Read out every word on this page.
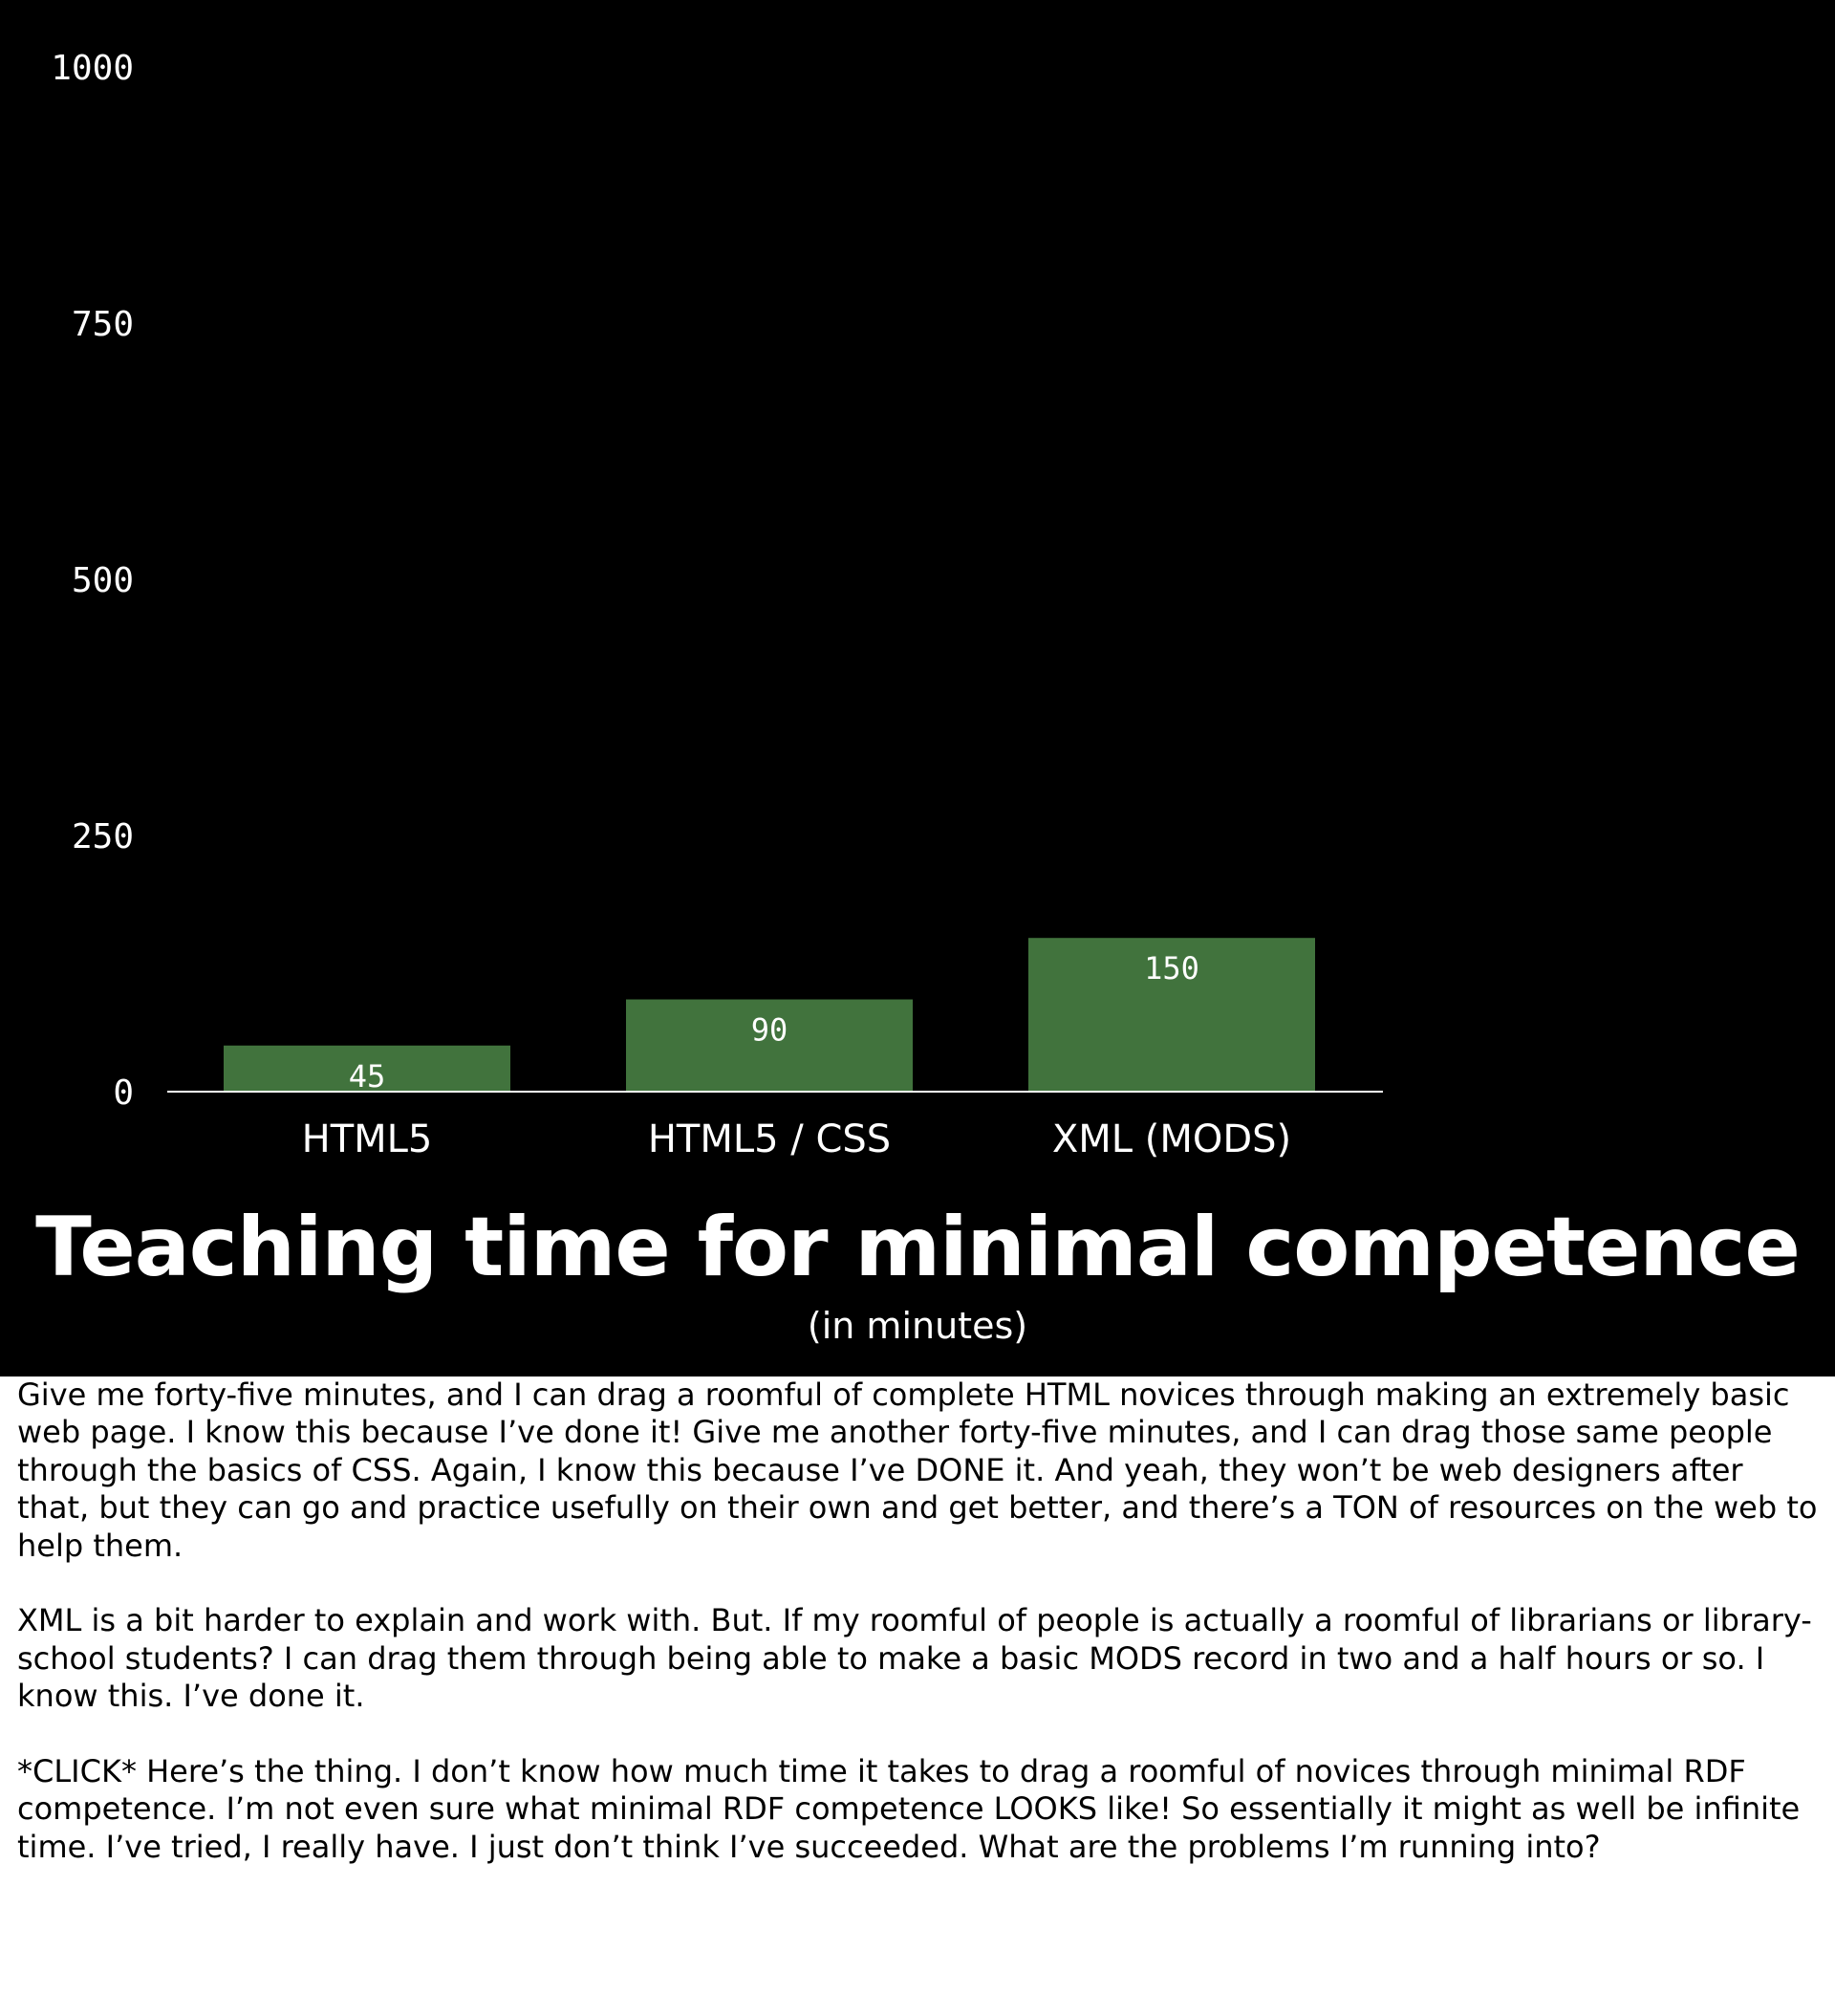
0
250
500
750
1000
45
HTML5
90
HTML5 / CSS
150
XML (MODS)
Teaching time for minimal competence
(in minutes)

Give me forty-five minutes, and I can drag a roomful of complete HTML novices through making an extremely basic web page. I know this because I’ve done it! Give me another forty-five minutes, and I can drag those same people through the basics of CSS. Again, I know this because I’ve DONE it. And yeah, they won’t be web designers after that, but they can go and practice usefully on their own and get better, and there’s a TON of resources on the web to help them.

XML is a bit harder to explain and work with. But. If my roomful of people is actually a roomful of librarians or library-school students? I can drag them through being able to make a basic MODS record in two and a half hours or so. I know this. I’ve done it.

*CLICK* Here’s the thing. I don’t know how much time it takes to drag a roomful of novices through minimal RDF competence. I’m not even sure what minimal RDF competence LOOKS like! So essentially it might as well be infinite time. I’ve tried, I really have. I just don’t think I’ve succeeded. What are the problems I’m running into?
